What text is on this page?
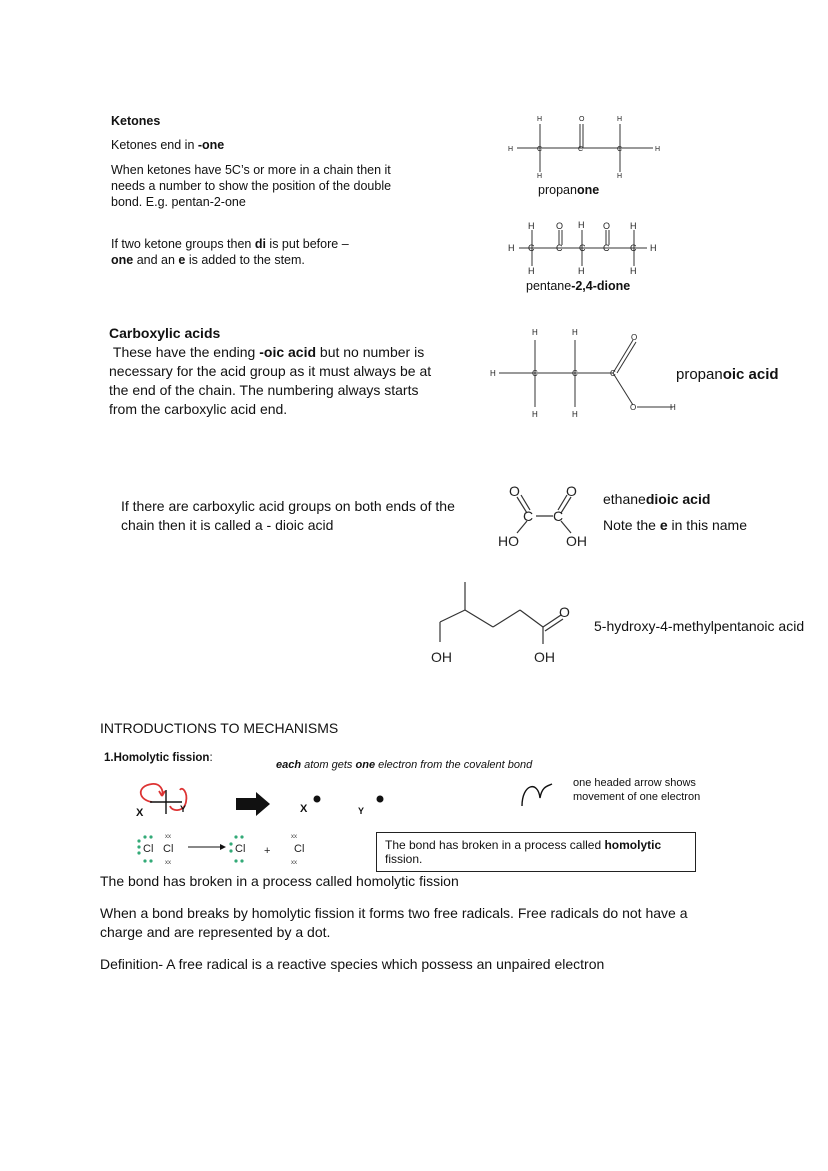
Ketones
Ketones end in -one
When ketones have 5C’s or more in a chain then it needs a number to show the position of the double bond. E.g. pentan-2-one
If two ketone groups then di is put before –
one and an e is added to the stem.
H	O	H
H	C	C	C	H
H	H
propanone
H O H O H
H C C C C C H
H	H	H
pentane-2,4-dione
Carboxylic acids
These have the ending -oic acid but no number is necessary for the acid group as it must always be at the end of the chain. The numbering always starts from the carboxylic acid end.
H	H
O
H	C	C	C
O	H
H	H
propanoic acid
If there are carboxylic acid groups on both ends of the chain then it is called a - dioic acid
O	O
C C
HO	OH
ethanedioic acid
Note the e in this name
O
OH	OH
5-hydroxy-4-methylpentanoic acid
INTRODUCTIONS TO MECHANISMS
1.Homolytic fission:
each atom gets one electron from the covalent bond
X	Y	X	Y
one headed arrow shows movement of one electron
Cl Cl	Cl	Cl
+
xx
xx
xx
xx
The bond has broken in a process called homolytic fission.
The bond has broken in a process called homolytic fission
When a bond breaks by homolytic fission it forms two free radicals. Free radicals do not have a charge and are represented by a dot.
Definition- A free radical is a reactive species which possess an unpaired electron
